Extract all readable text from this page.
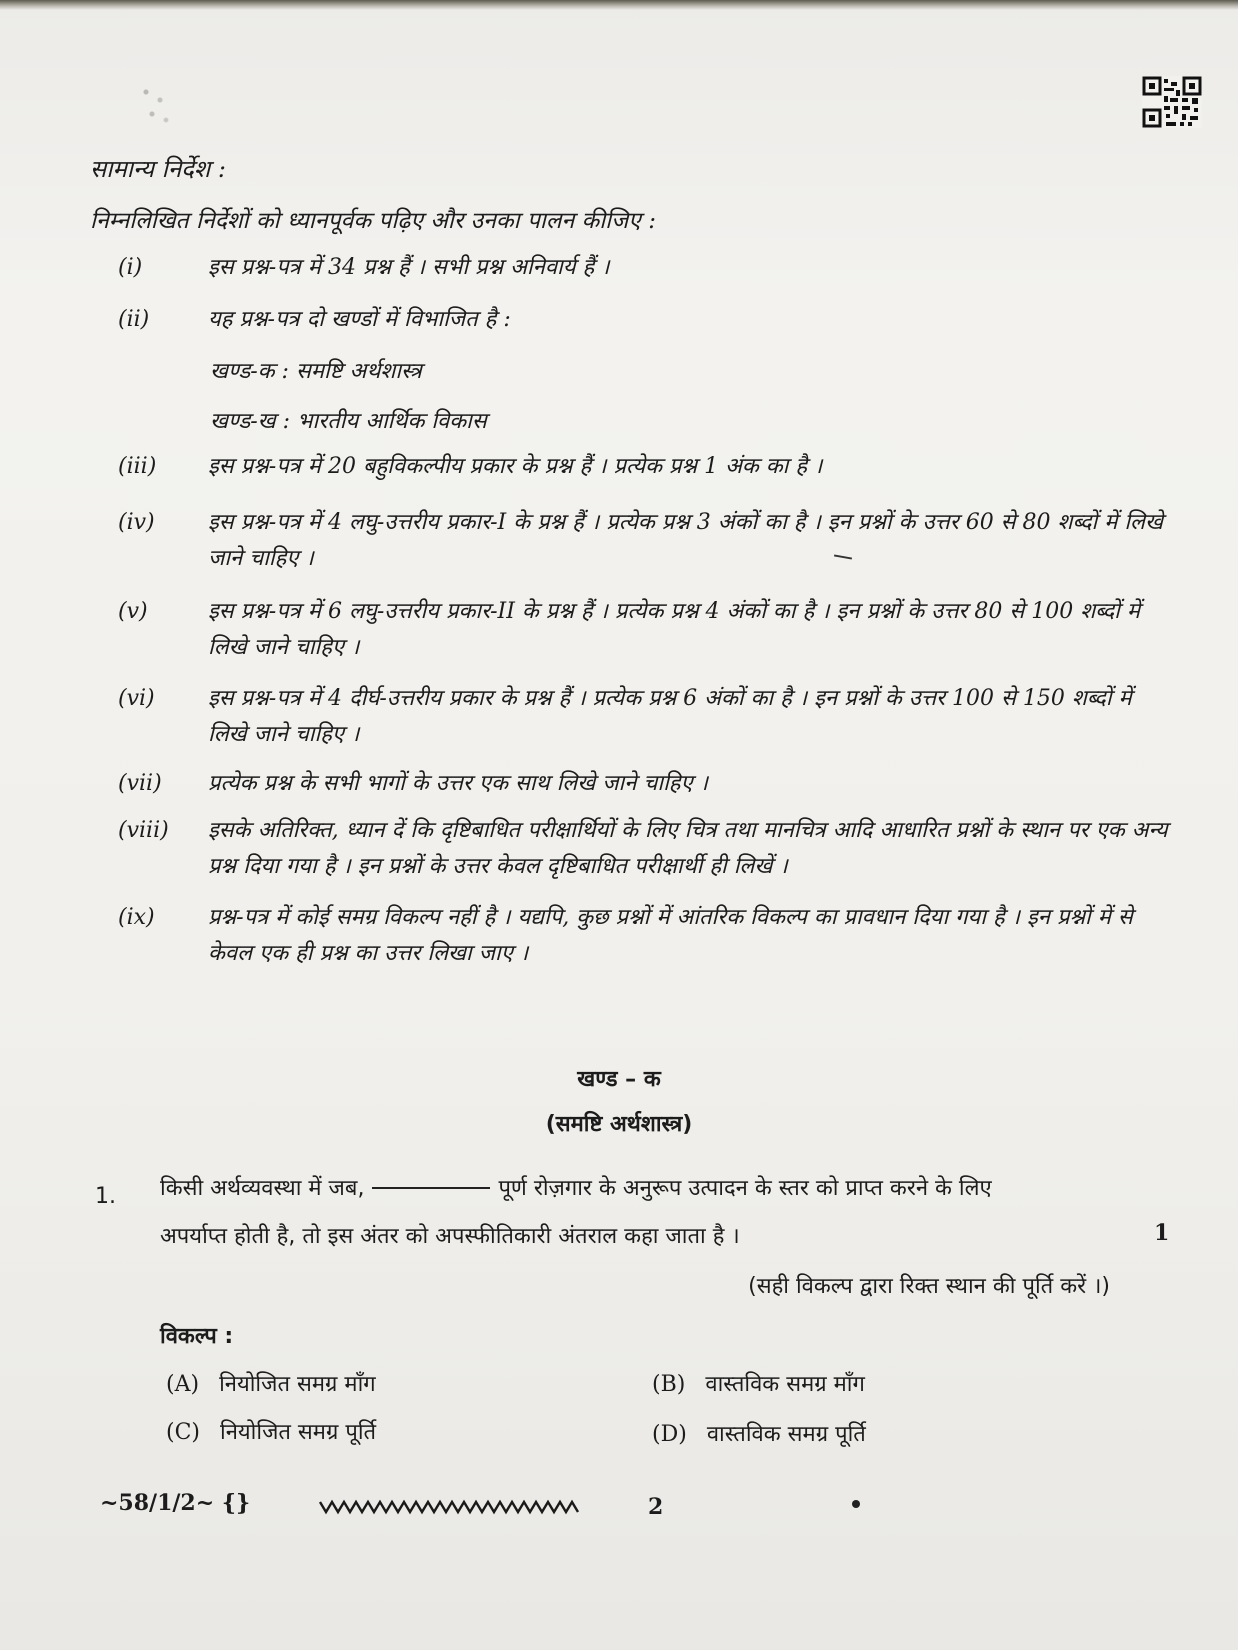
सामान्य निर्देश :
निम्नलिखित निर्देशों को ध्यानपूर्वक पढ़िए और उनका पालन कीजिए :
(i)	इस प्रश्न-पत्र में 34 प्रश्न हैं । सभी प्रश्न अनिवार्य हैं ।
(ii)	यह प्रश्न-पत्र दो खण्डों में विभाजित है :
खण्ड-क : समष्टि अर्थशास्त्र
खण्ड-ख : भारतीय आर्थिक विकास
(iii)	इस प्रश्न-पत्र में 20 बहुविकल्पीय प्रकार के प्रश्न हैं । प्रत्येक प्रश्न 1 अंक का है ।
(iv)	इस प्रश्न-पत्र में 4 लघु-उत्तरीय प्रकार-I के प्रश्न हैं । प्रत्येक प्रश्न 3 अंकों का है । इन प्रश्नों के उत्तर 60 से 80 शब्दों में लिखे जाने चाहिए ।
(v)	इस प्रश्न-पत्र में 6 लघु-उत्तरीय प्रकार-II के प्रश्न हैं । प्रत्येक प्रश्न 4 अंकों का है । इन प्रश्नों के उत्तर 80 से 100 शब्दों में लिखे जाने चाहिए ।
(vi)	इस प्रश्न-पत्र में 4 दीर्घ-उत्तरीय प्रकार के प्रश्न हैं । प्रत्येक प्रश्न 6 अंकों का है । इन प्रश्नों के उत्तर 100 से 150 शब्दों में लिखे जाने चाहिए ।
(vii)	प्रत्येक प्रश्न के सभी भागों के उत्तर एक साथ लिखे जाने चाहिए ।
(viii)	इसके अतिरिक्त, ध्यान दें कि दृष्टिबाधित परीक्षार्थियों के लिए चित्र तथा मानचित्र आदि आधारित प्रश्नों के स्थान पर एक अन्य प्रश्न दिया गया है । इन प्रश्नों के उत्तर केवल दृष्टिबाधित परीक्षार्थी ही लिखें ।
(ix)	प्रश्न-पत्र में कोई समग्र विकल्प नहीं है । यद्यपि, कुछ प्रश्नों में आंतरिक विकल्प का प्रावधान दिया गया है । इन प्रश्नों में से केवल एक ही प्रश्न का उत्तर लिखा जाए ।
खण्ड – क
(समष्टि अर्थशास्त्र)
1. किसी अर्थव्यवस्था में जब,	पूर्ण रोज़गार के अनुरूप उत्पादन के स्तर को प्राप्त करने के लिए
अपर्याप्त होती है, तो इस अंतर को अपस्फीतिकारी अंतराल कहा जाता है ।	1
(सही विकल्प द्वारा रिक्त स्थान की पूर्ति करें ।)
विकल्प :
(A) नियोजित समग्र माँग	(B) वास्तविक समग्र माँग
(C) नियोजित समग्र पूर्ति	(D) वास्तविक समग्र पूर्ति
~58/1/2~ {}	2
